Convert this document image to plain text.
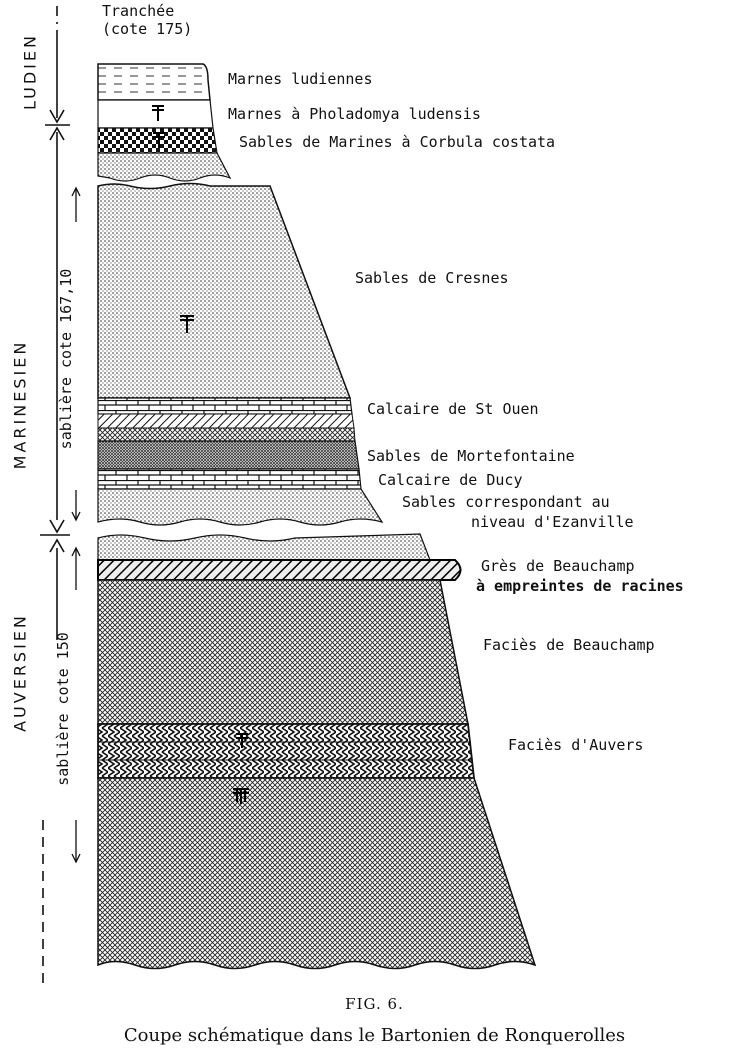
Tranchée
(cote 175)
LUDIEN
MARINESIEN
AUVERSIEN
sablière cote 167,10
sablière cote 150
Marnes ludiennes
Marnes à Pholadomya ludensis
Sables de Marines à Corbula costata
Sables de Cresnes
Calcaire de St Ouen
Sables de Mortefontaine
Calcaire de Ducy
Sables correspondant au
niveau d'Ezanville
Grès de Beauchamp
à empreintes de racines
Faciès de Beauchamp
Faciès d'Auvers
FIG. 6.
Coupe schématique dans le Bartonien de Ronquerolles
